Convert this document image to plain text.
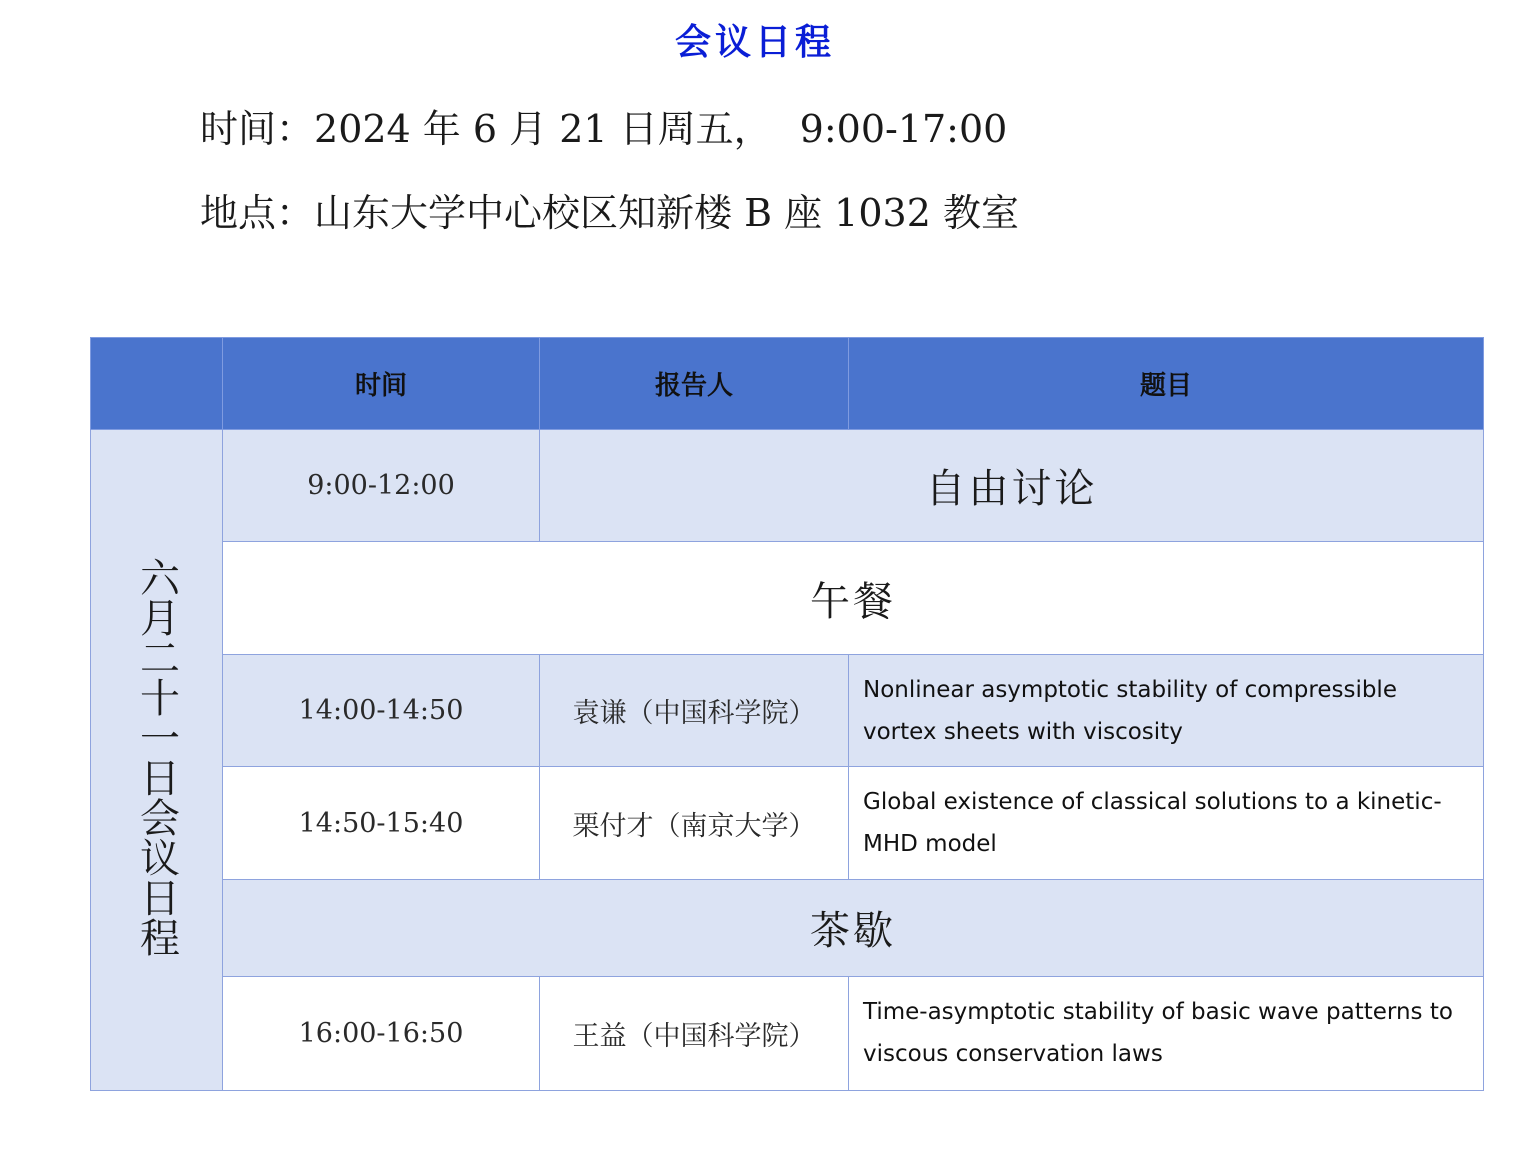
会议日程
时间：2024 年 6 月 21 日周五， 9:00-17:00
地点：山东大学中心校区知新楼 B 座 1032 教室
	时间	报告人	题目
六月二十一日会议日程	9:00-12:00	自由讨论	
	午餐		
	14:00-14:50	袁谦（中国科学院）	Nonlinear asymptotic stability of compressible vortex sheets with viscosity
	14:50-15:40	栗付才（南京大学）	Global existence of classical solutions to a kinetic-MHD model
	茶歇		
	16:00-16:50	王益（中国科学院）	Time-asymptotic stability of basic wave patterns to viscous conservation laws
